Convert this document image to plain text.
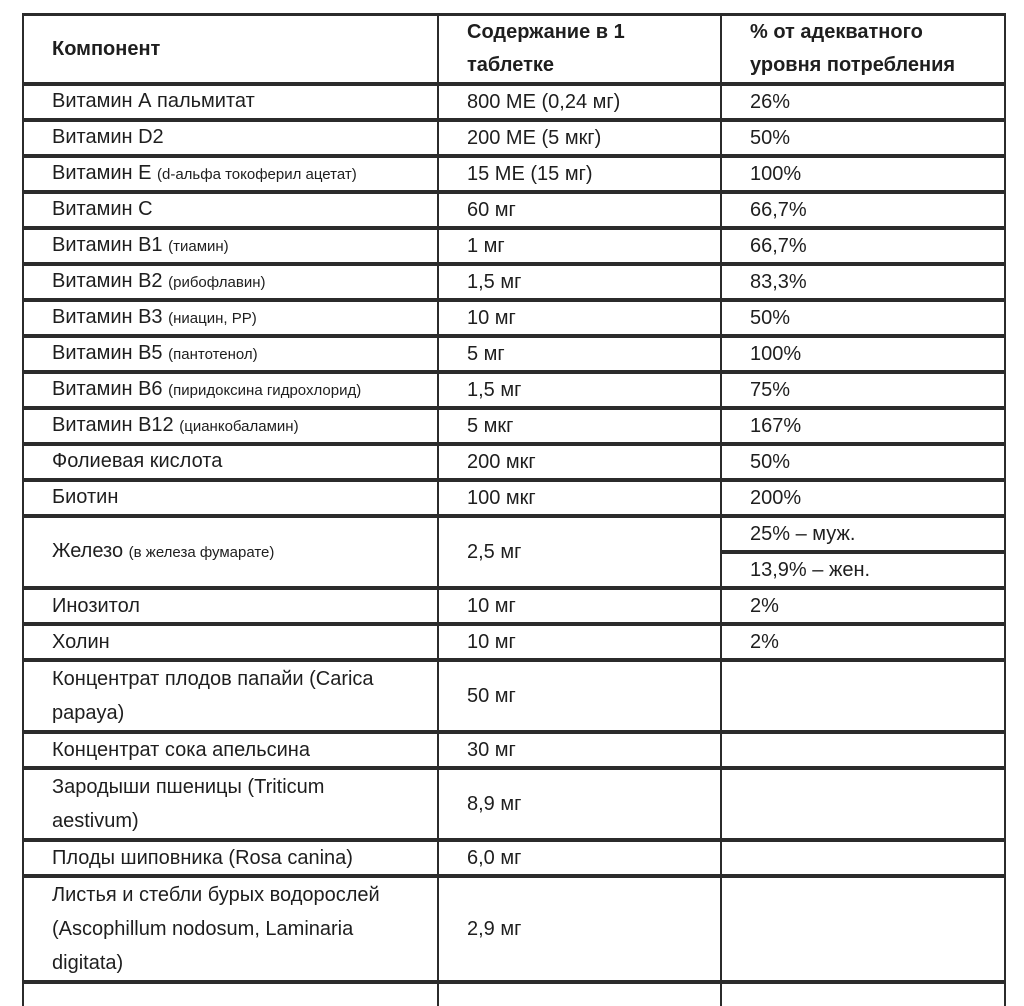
Компонент	Содержание в 1 таблетке	% от адекватного уровня потребления

Витамин А пальмитат	800 МЕ (0,24 мг)	26%

Витамин D2	200 МЕ (5 мкг)	50%

Витамин Е (d-альфа токоферил ацетат)	15 МЕ (15 мг)	100%

Витамин С	60 мг	66,7%

Витамин В1 (тиамин)	1 мг	66,7%

Витамин В2 (рибофлавин)	1,5 мг	83,3%

Витамин В3 (ниацин, РР)	10 мг	50%

Витамин В5 (пантотенол)	5 мг	100%

Витамин В6 (пиридоксина гидрохлорид)	1,5 мг	75%

Витамин В12 (цианкобаламин)	5 мкг	167%

Фолиевая кислота	200 мкг	50%

Биотин	100 мкг	200%

Железо (в железа фумарате)	2,5 мг	25% – муж.
		13,9% – жен.

Инозитол	10 мг	2%

Холин	10 мг	2%

Концентрат плодов папайи (Carica papaya)	50 мг	

Концентрат сока апельсина	30 мг	

Зародыши пшеницы (Triticum aestivum)	8,9 мг	

Плоды шиповника (Rosa canina)	6,0 мг	

Листья и стебли бурых водорослей (Ascophillum nodosum, Laminaria digitata)	2,9 мг	
